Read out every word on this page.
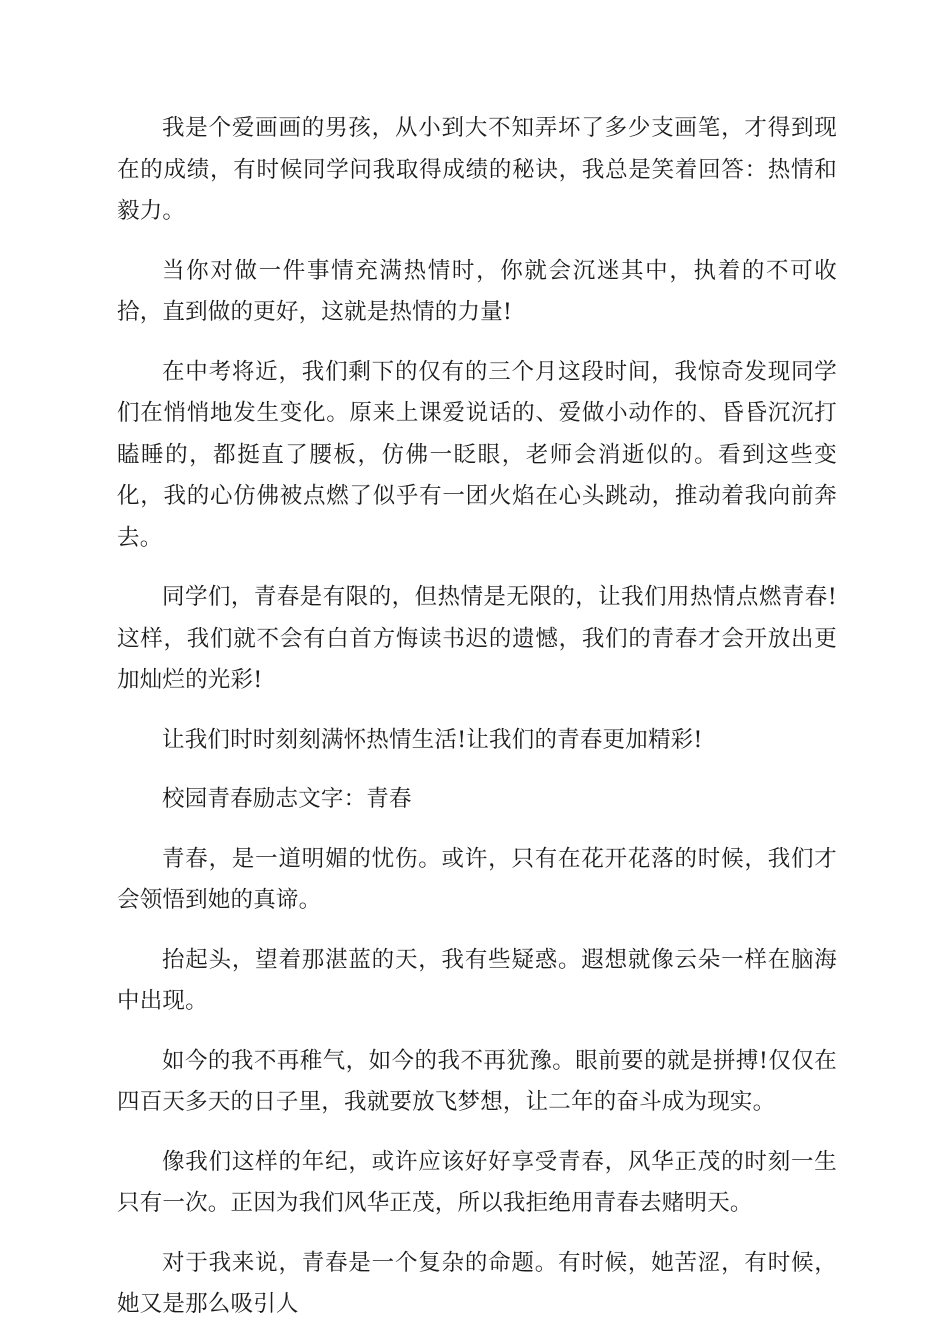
我是个爱画画的男孩，从小到大不知弄坏了多少支画笔，才得到现在的成绩，有时候同学问我取得成绩的秘诀，我总是笑着回答：热情和毅力。

当你对做一件事情充满热情时，你就会沉迷其中，执着的不可收拾，直到做的更好，这就是热情的力量!

在中考将近，我们剩下的仅有的三个月这段时间，我惊奇发现同学们在悄悄地发生变化。原来上课爱说话的、爱做小动作的、昏昏沉沉打瞌睡的，都挺直了腰板，仿佛一眨眼，老师会消逝似的。看到这些变化，我的心仿佛被点燃了似乎有一团火焰在心头跳动，推动着我向前奔去。

同学们，青春是有限的，但热情是无限的，让我们用热情点燃青春!这样，我们就不会有白首方悔读书迟的遗憾，我们的青春才会开放出更加灿烂的光彩!

让我们时时刻刻满怀热情生活!让我们的青春更加精彩!

校园青春励志文字：青春

青春，是一道明媚的忧伤。或许，只有在花开花落的时候，我们才会领悟到她的真谛。

抬起头，望着那湛蓝的天，我有些疑惑。遐想就像云朵一样在脑海中出现。

如今的我不再稚气，如今的我不再犹豫。眼前要的就是拼搏!仅仅在四百天多天的日子里，我就要放飞梦想，让二年的奋斗成为现实。

像我们这样的年纪，或许应该好好享受青春，风华正茂的时刻一生只有一次。正因为我们风华正茂，所以我拒绝用青春去赌明天。

对于我来说，青春是一个复杂的命题。有时候，她苦涩，有时候，她又是那么吸引人
